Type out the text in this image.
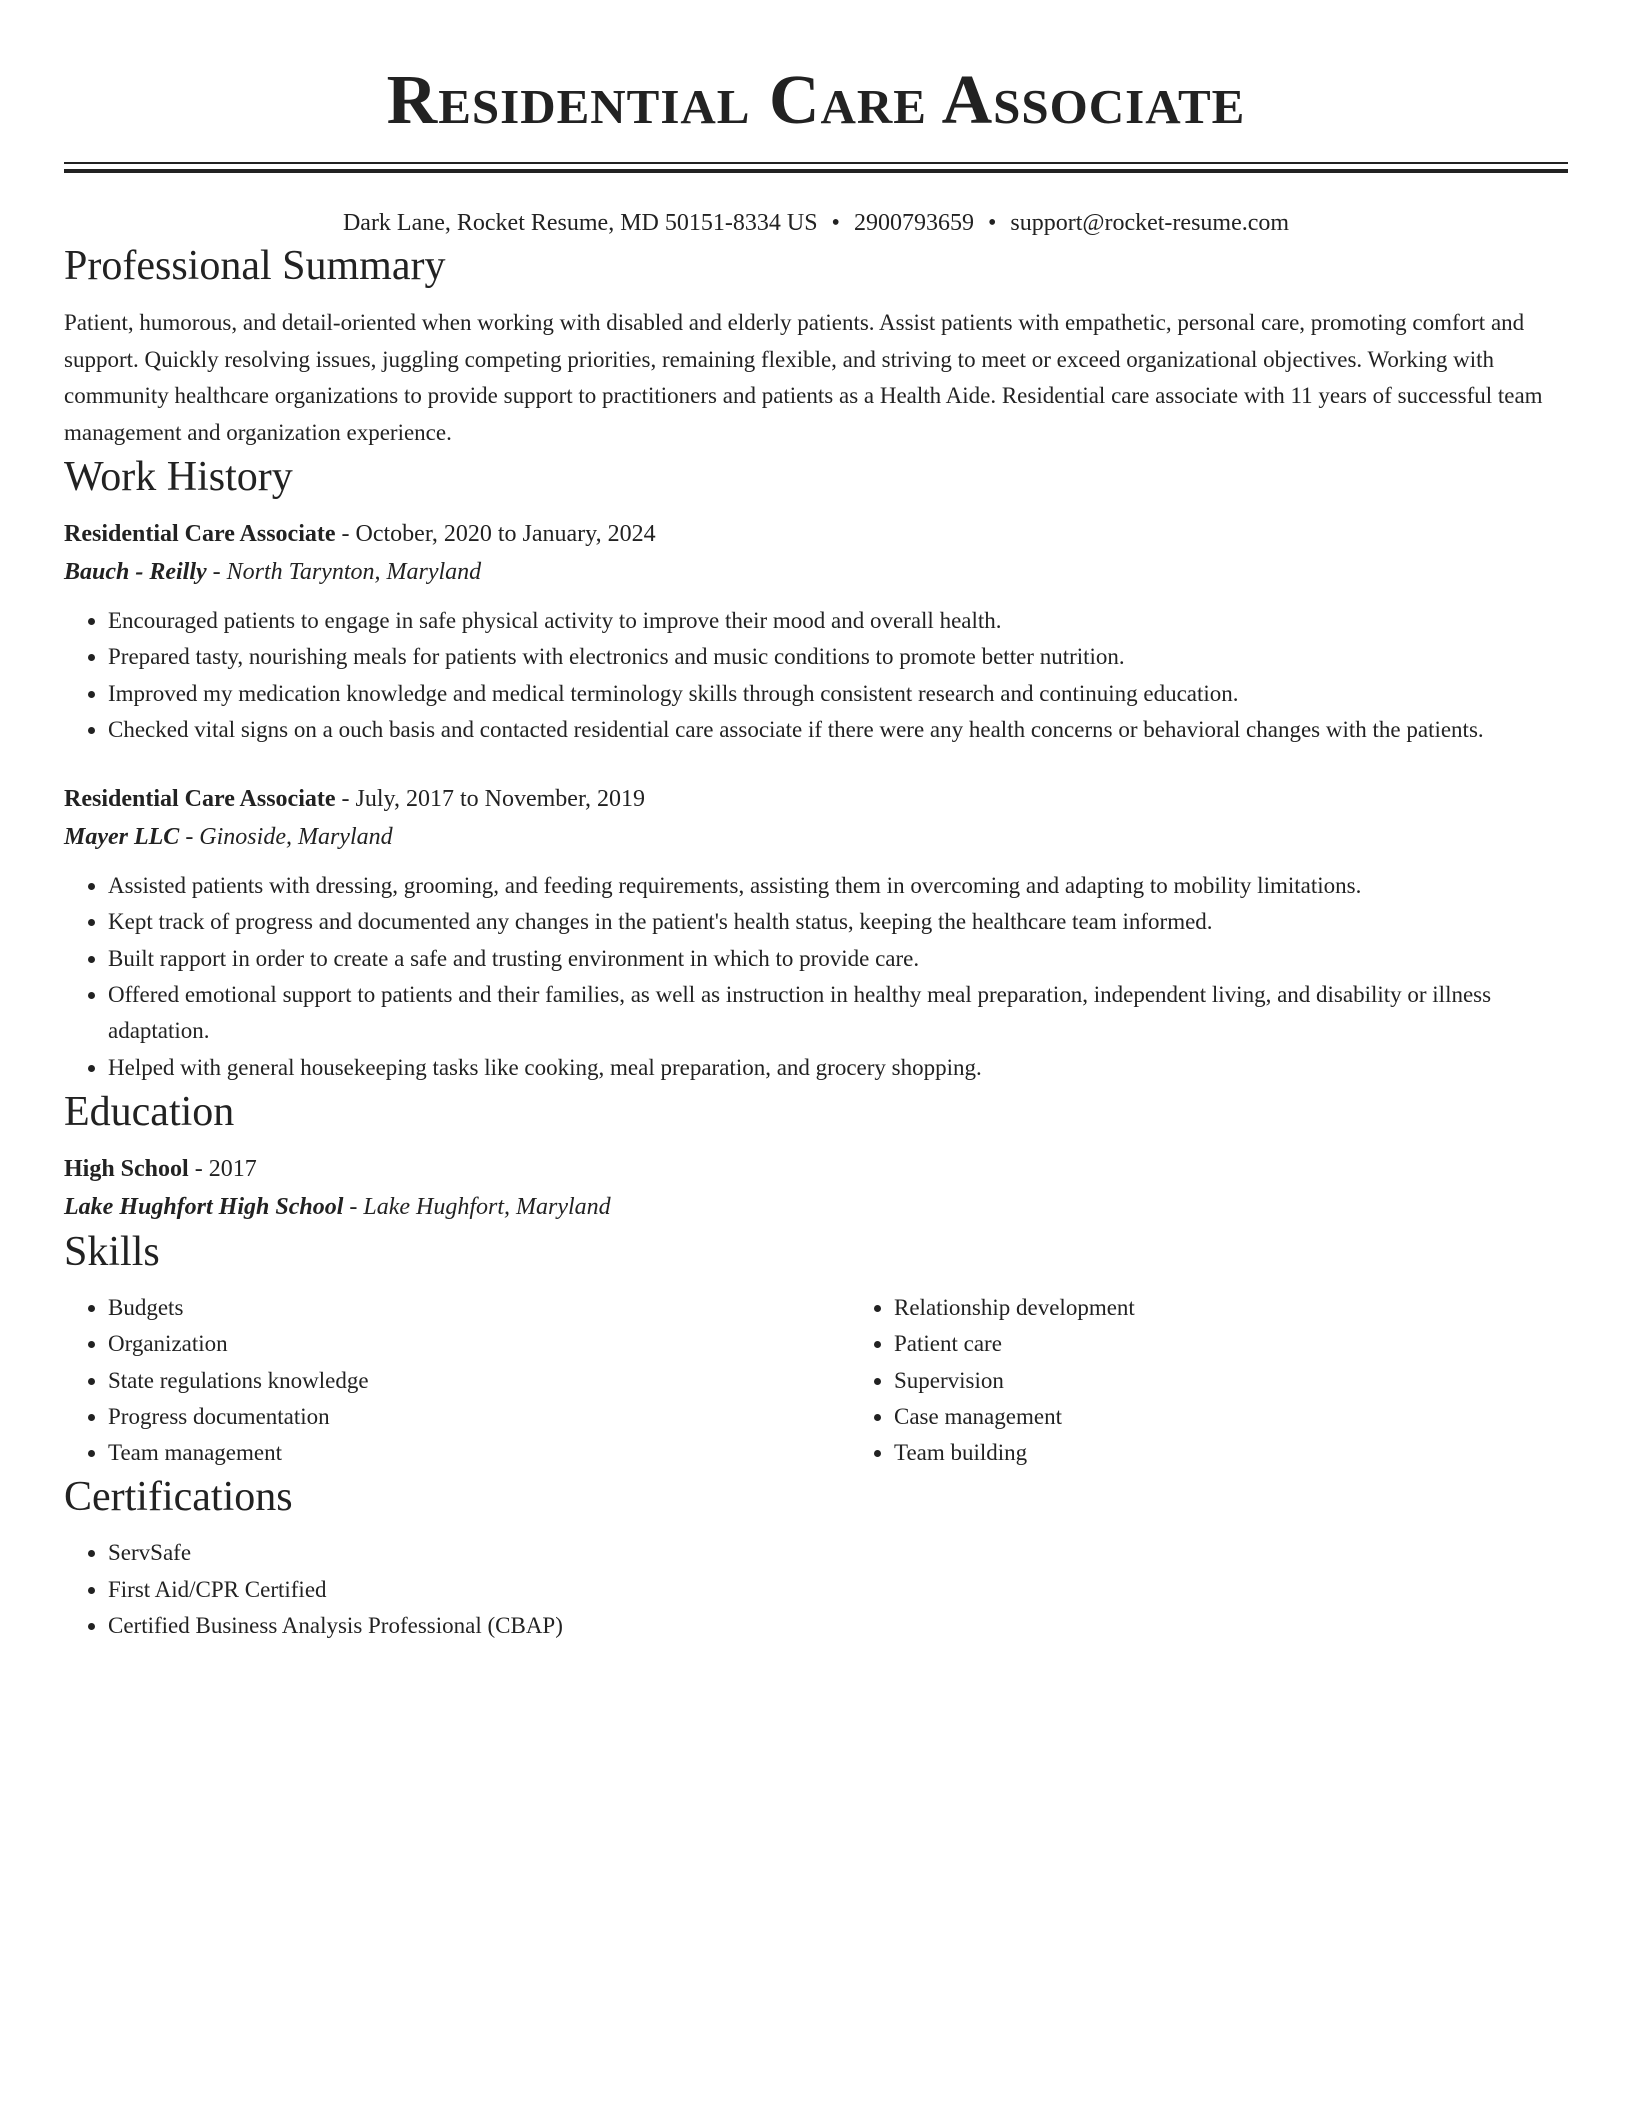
Residential Care Associate
Dark Lane, Rocket Resume, MD 50151-8334 US • 2900793659 • support@rocket-resume.com
Professional Summary

Patient, humorous, and detail-oriented when working with disabled and elderly patients. Assist patients with empathetic, personal care, promoting comfort and support. Quickly resolving issues, juggling competing priorities, remaining flexible, and striving to meet or exceed organizational objectives. Working with community healthcare organizations to provide support to practitioners and patients as a Health Aide. Residential care associate with 11 years of successful team management and organization experience.

Work History
Residential Care Associate - October, 2020 to January, 2024
Bauch - Reilly - North Tarynton, Maryland
• Encouraged patients to engage in safe physical activity to improve their mood and overall health.
• Prepared tasty, nourishing meals for patients with electronics and music conditions to promote better nutrition.
• Improved my medication knowledge and medical terminology skills through consistent research and continuing education.
• Checked vital signs on a ouch basis and contacted residential care associate if there were any health concerns or behavioral changes with the patients.
Residential Care Associate - July, 2017 to November, 2019
Mayer LLC - Ginoside, Maryland
• Assisted patients with dressing, grooming, and feeding requirements, assisting them in overcoming and adapting to mobility limitations.
• Kept track of progress and documented any changes in the patient's health status, keeping the healthcare team informed.
• Built rapport in order to create a safe and trusting environment in which to provide care.
• Offered emotional support to patients and their families, as well as instruction in healthy meal preparation, independent living, and disability or illness adaptation.
• Helped with general housekeeping tasks like cooking, meal preparation, and grocery shopping.
Education
High School - 2017
Lake Hughfort High School - Lake Hughfort, Maryland
Skills
• Budgets
• Organization
• State regulations knowledge
• Progress documentation
• Team management
• Relationship development
• Patient care
• Supervision
• Case management
• Team building
Certifications
• ServSafe
• First Aid/CPR Certified
• Certified Business Analysis Professional (CBAP)
